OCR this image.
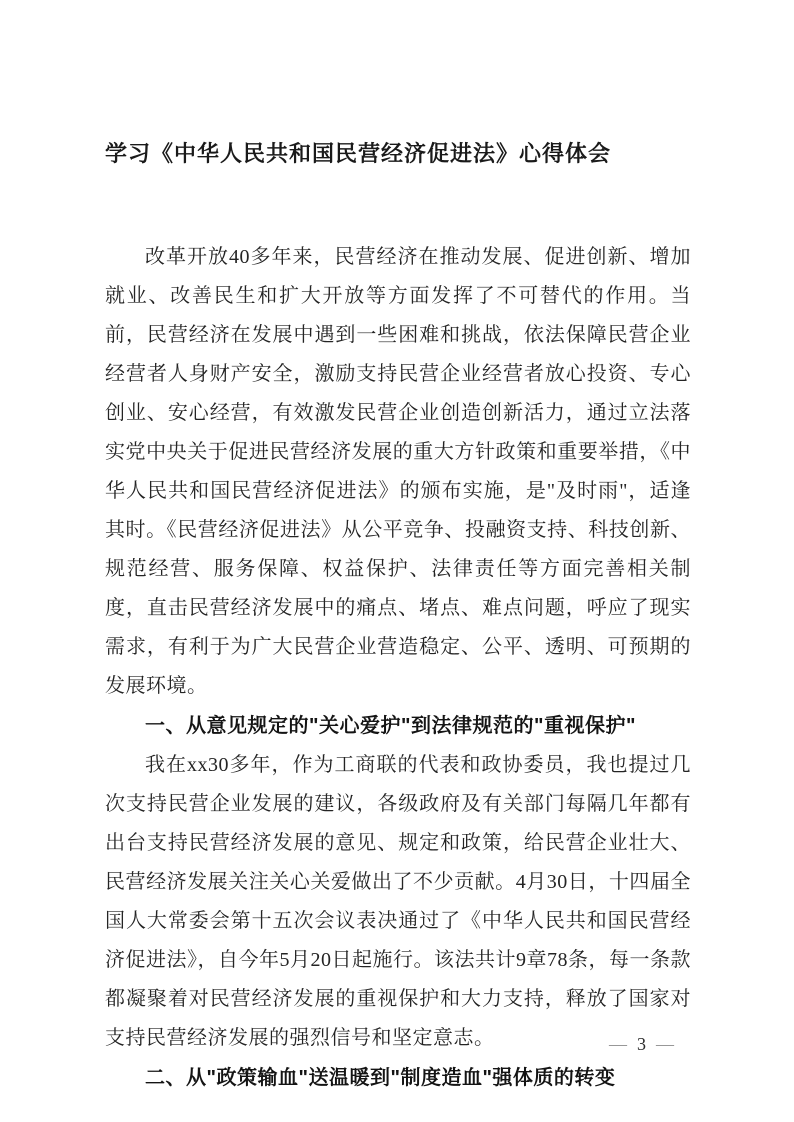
学习《中华人民共和国民营经济促进法》心得体会

改革开放40多年来，民营经济在推动发展、促进创新、增加就业、改善民生和扩大开放等方面发挥了不可替代的作用。当前，民营经济在发展中遇到一些困难和挑战，依法保障民营企业经营者人身财产安全，激励支持民营企业经营者放心投资、专心创业、安心经营，有效激发民营企业创造创新活力，通过立法落实党中央关于促进民营经济发展的重大方针政策和重要举措，《中华人民共和国民营经济促进法》的颁布实施，是"及时雨"，适逢其时。《民营经济促进法》从公平竞争、投融资支持、科技创新、规范经营、服务保障、权益保护、法律责任等方面完善相关制度，直击民营经济发展中的痛点、堵点、难点问题，呼应了现实需求，有利于为广大民营企业营造稳定、公平、透明、可预期的发展环境。

一、从意见规定的"关心爱护"到法律规范的"重视保护"

我在xx30多年，作为工商联的代表和政协委员，我也提过几次支持民营企业发展的建议，各级政府及有关部门每隔几年都有出台支持民营经济发展的意见、规定和政策，给民营企业壮大、民营经济发展关注关心关爱做出了不少贡献。4月30日，十四届全国人大常委会第十五次会议表决通过了《中华人民共和国民营经济促进法》，自今年5月20日起施行。该法共计9章78条，每一条款都凝聚着对民营经济发展的重视保护和大力支持，释放了国家对支持民营经济发展的强烈信号和坚定意志。

二、从"政策输血"送温暖到"制度造血"强体质的转变
— 3 —
